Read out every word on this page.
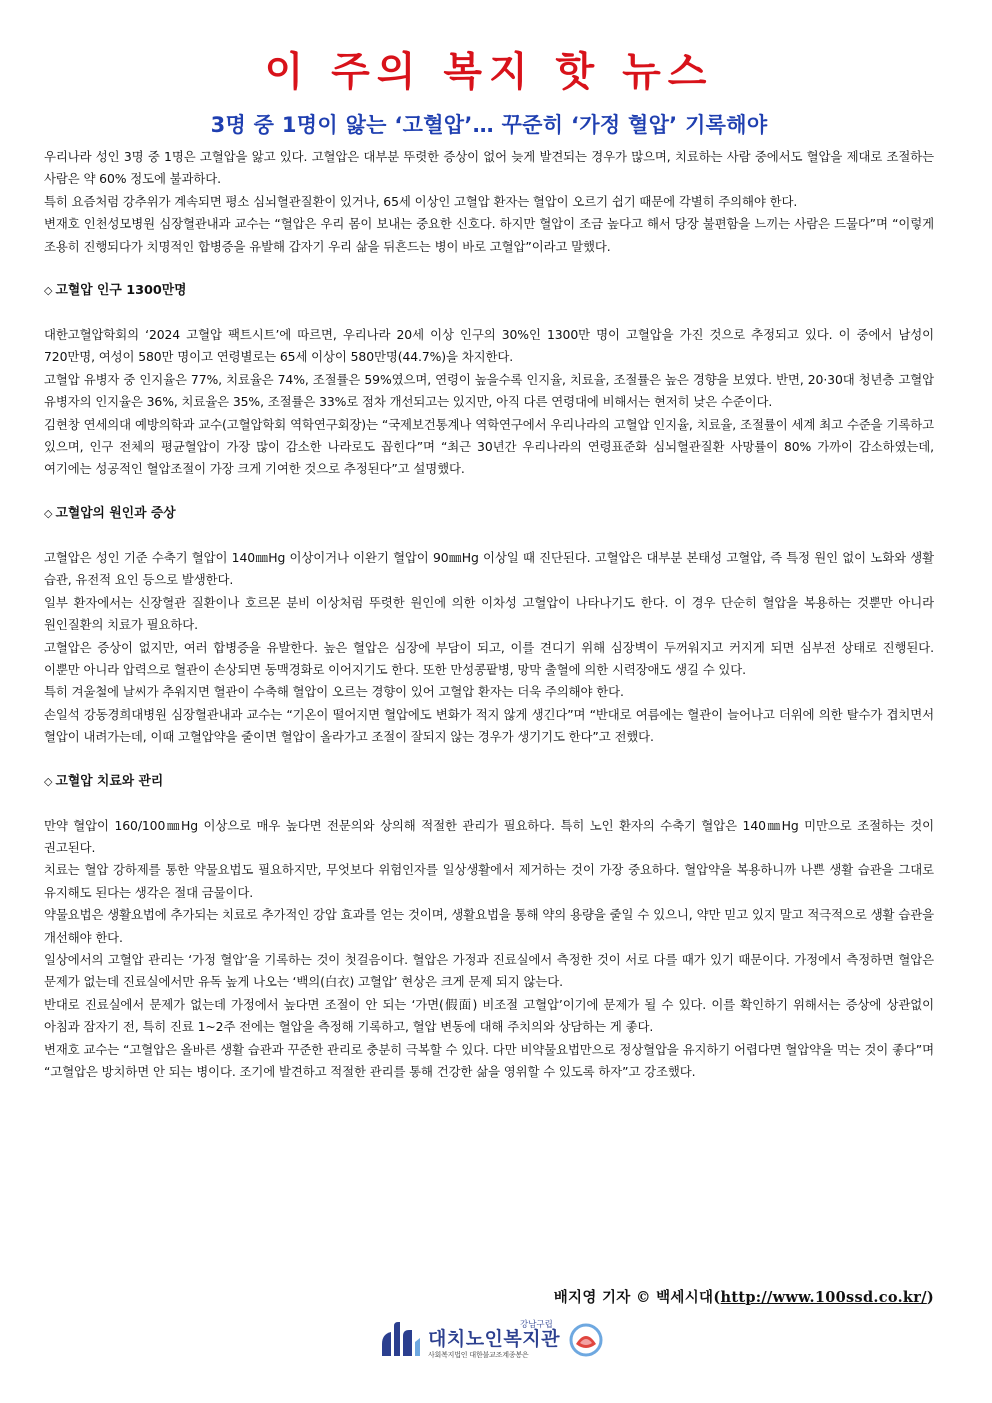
이 주의 복지 핫 뉴스
3명 중 1명이 앓는 ‘고혈압’… 꾸준히 ‘가정 혈압’ 기록해야

우리나라 성인 3명 중 1명은 고혈압을 앓고 있다. 고혈압은 대부분 뚜렷한 증상이 없어 늦게 발견되는 경우가 많으며, 치료하는 사람 중에서도 혈압을 제대로 조절하는 사람은 약 60% 정도에 불과하다.

특히 요즘처럼 강추위가 계속되면 평소 심뇌혈관질환이 있거나, 65세 이상인 고혈압 환자는 혈압이 오르기 쉽기 때문에 각별히 주의해야 한다.

변재호 인천성모병원 심장혈관내과 교수는 “혈압은 우리 몸이 보내는 중요한 신호다. 하지만 혈압이 조금 높다고 해서 당장 불편함을 느끼는 사람은 드물다”며 “이렇게 조용히 진행되다가 치명적인 합병증을 유발해 갑자기 우리 삶을 뒤흔드는 병이 바로 고혈압”이라고 말했다.

◇ 고혈압 인구 1300만명

대한고혈압학회의 ‘2024 고혈압 팩트시트’에 따르면, 우리나라 20세 이상 인구의 30%인 1300만 명이 고혈압을 가진 것으로 추정되고 있다. 이 중에서 남성이 720만명, 여성이 580만 명이고 연령별로는 65세 이상이 580만명(44.7%)을 차지한다.

고혈압 유병자 중 인지율은 77%, 치료율은 74%, 조절률은 59%였으며, 연령이 높을수록 인지율, 치료율, 조절률은 높은 경향을 보였다. 반면, 20·30대 청년층 고혈압 유병자의 인지율은 36%, 치료율은 35%, 조절률은 33%로 점차 개선되고는 있지만, 아직 다른 연령대에 비해서는 현저히 낮은 수준이다.

김현창 연세의대 예방의학과 교수(고혈압학회 역학연구회장)는 “국제보건통계나 역학연구에서 우리나라의 고혈압 인지율, 치료율, 조절률이 세계 최고 수준을 기록하고 있으며, 인구 전체의 평균혈압이 가장 많이 감소한 나라로도 꼽힌다”며 “최근 30년간 우리나라의 연령표준화 심뇌혈관질환 사망률이 80% 가까이 감소하였는데, 여기에는 성공적인 혈압조절이 가장 크게 기여한 것으로 추정된다”고 설명했다.

◇ 고혈압의 원인과 증상

고혈압은 성인 기준 수축기 혈압이 140㎜Hg 이상이거나 이완기 혈압이 90㎜Hg 이상일 때 진단된다. 고혈압은 대부분 본태성 고혈압, 즉 특정 원인 없이 노화와 생활 습관, 유전적 요인 등으로 발생한다.

일부 환자에서는 신장혈관 질환이나 호르몬 분비 이상처럼 뚜렷한 원인에 의한 이차성 고혈압이 나타나기도 한다. 이 경우 단순히 혈압을 복용하는 것뿐만 아니라 원인질환의 치료가 필요하다.

고혈압은 증상이 없지만, 여러 합병증을 유발한다. 높은 혈압은 심장에 부담이 되고, 이를 견디기 위해 심장벽이 두꺼워지고 커지게 되면 심부전 상태로 진행된다. 이뿐만 아니라 압력으로 혈관이 손상되면 동맥경화로 이어지기도 한다. 또한 만성콩팥병, 망막 출혈에 의한 시력장애도 생길 수 있다.

특히 겨울철에 날씨가 추워지면 혈관이 수축해 혈압이 오르는 경향이 있어 고혈압 환자는 더욱 주의해야 한다.

손일석 강동경희대병원 심장혈관내과 교수는 “기온이 떨어지면 혈압에도 변화가 적지 않게 생긴다”며 “반대로 여름에는 혈관이 늘어나고 더위에 의한 탈수가 겹치면서 혈압이 내려가는데, 이때 고혈압약을 줄이면 혈압이 올라가고 조절이 잘되지 않는 경우가 생기기도 한다”고 전했다.

◇ 고혈압 치료와 관리

만약 혈압이 160/100㎜Hg 이상으로 매우 높다면 전문의와 상의해 적절한 관리가 필요하다. 특히 노인 환자의 수축기 혈압은 140㎜Hg 미만으로 조절하는 것이 권고된다.

치료는 혈압 강하제를 통한 약물요법도 필요하지만, 무엇보다 위험인자를 일상생활에서 제거하는 것이 가장 중요하다. 혈압약을 복용하니까 나쁜 생활 습관을 그대로 유지해도 된다는 생각은 절대 금물이다.

약물요법은 생활요법에 추가되는 치료로 추가적인 강압 효과를 얻는 것이며, 생활요법을 통해 약의 용량을 줄일 수 있으니, 약만 믿고 있지 말고 적극적으로 생활 습관을 개선해야 한다.

일상에서의 고혈압 관리는 ‘가정 혈압’을 기록하는 것이 첫걸음이다. 혈압은 가정과 진료실에서 측정한 것이 서로 다를 때가 있기 때문이다. 가정에서 측정하면 혈압은 문제가 없는데 진료실에서만 유독 높게 나오는 ‘백의(白衣) 고혈압’ 현상은 크게 문제 되지 않는다.

반대로 진료실에서 문제가 없는데 가정에서 높다면 조절이 안 되는 ‘가면(假面) 비조절 고혈압’이기에 문제가 될 수 있다. 이를 확인하기 위해서는 증상에 상관없이 아침과 잠자기 전, 특히 진료 1~2주 전에는 혈압을 측정해 기록하고, 혈압 변동에 대해 주치의와 상담하는 게 좋다.

변재호 교수는 “고혈압은 올바른 생활 습관과 꾸준한 관리로 충분히 극복할 수 있다. 다만 비약물요법만으로 정상혈압을 유지하기 어렵다면 혈압약을 먹는 것이 좋다”며 “고혈압은 방치하면 안 되는 병이다. 조기에 발견하고 적절한 관리를 통해 건강한 삶을 영위할 수 있도록 하자”고 강조했다.

배지영 기자 © 백세시대(http://www.100ssd.co.kr/)
강남구립
대치노인복지관
사회복지법인 대한불교조계종봉은
